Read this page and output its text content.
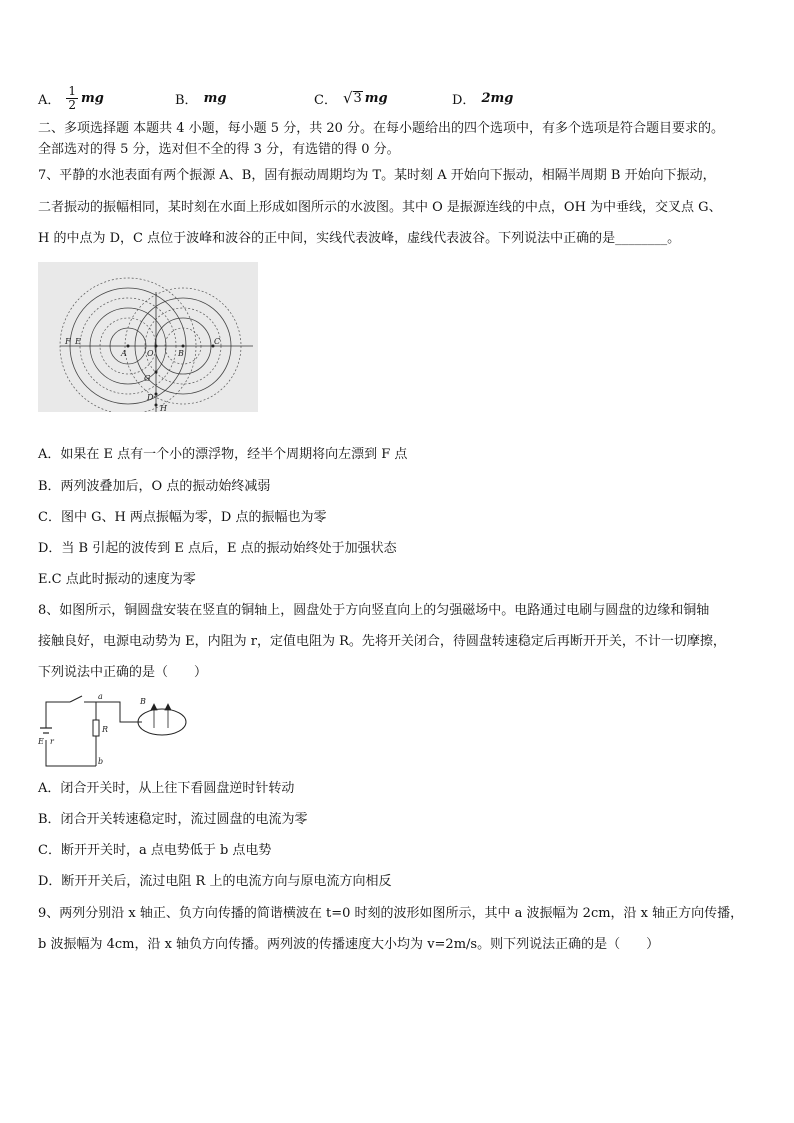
A． $\frac{1}{2}$ mg	B． mg	C． √ 3 mg	D． 2mg
二、多项选择题 本题共 4 小题，每小题 5 分，共 20 分。在每小题给出的四个选项中，有多个选项是符合题目要求的。
全部选对的得 5 分，选对但不全的得 3 分，有选错的得 0 分。
7、平静的水池表面有两个振源 A、B，固有振动周期均为 T。某时刻 A 开始向下振动，相隔半周期 B 开始向下振动，
二者振动的振幅相同，某时刻在水面上形成如图所示的水波图。其中 O 是振源连线的中点，OH 为中垂线，交叉点 G、
H 的中点为 D，C 点位于波峰和波谷的正中间，实线代表波峰，虚线代表波谷。下列说法中正确的是________。
F E
A	O	B
C
G
D
H
A．如果在 E 点有一个小的漂浮物，经半个周期将向左漂到 F 点
B．两列波叠加后，O 点的振动始终减弱
C．图中 G、H 两点振幅为零，D 点的振幅也为零
D．当 B 引起的波传到 E 点后，E 点的振动始终处于加强状态
E.C 点此时振动的速度为零
8、如图所示，铜圆盘安装在竖直的铜轴上，圆盘处于方向竖直向上的匀强磁场中。电路通过电刷与圆盘的边缘和铜轴
接触良好，电源电动势为 E，内阻为 r，定值电阻为 R。先将开关闭合，待圆盘转速稳定后再断开开关，不计一切摩擦，
下列说法中正确的是（　　）
a
b
R
E r
B
A．闭合开关时，从上往下看圆盘逆时针转动
B．闭合开关转速稳定时，流过圆盘的电流为零
C．断开开关时，a 点电势低于 b 点电势
D．断开开关后，流过电阻 R 上的电流方向与原电流方向相反
9、两列分别沿 x 轴正、负方向传播的简谐横波在 t=0 时刻的波形如图所示，其中 a 波振幅为 2cm，沿 x 轴正方向传播，
b 波振幅为 4cm，沿 x 轴负方向传播。两列波的传播速度大小均为 v=2m/s。则下列说法正确的是（　　）
